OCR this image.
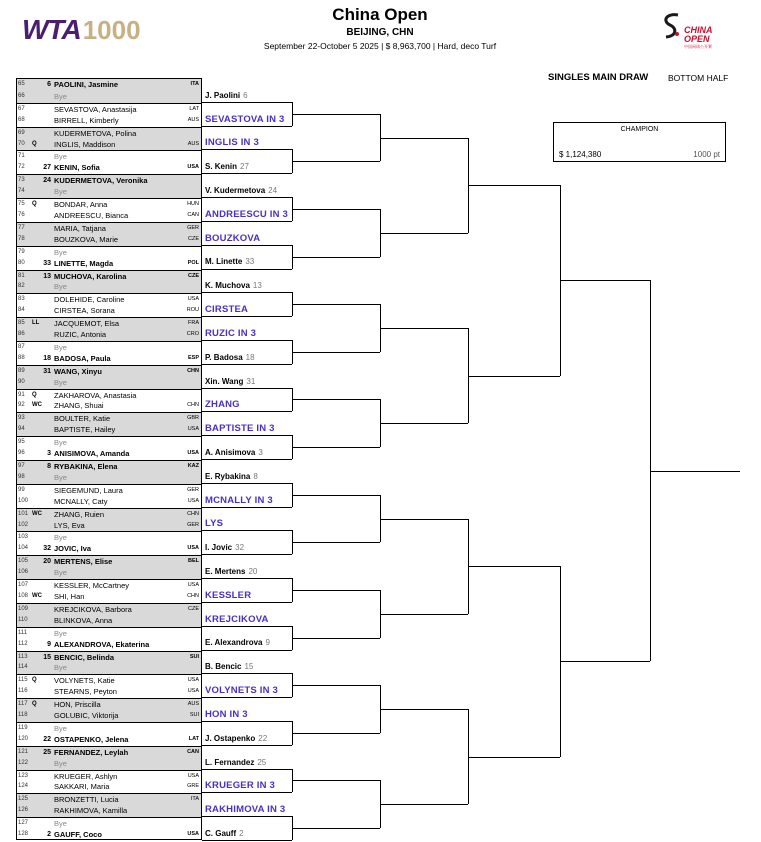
WTA1000
China Open
BEIJING, CHN
September 22-October 5 2025 | $ 8,963,700 | Hard, deco Turf
CHINA
OPEN
中国网球公开赛
SINGLES MAIN DRAW BOTTOM HALF
CHAMPION
$ 1,124,380	1000 pt
65	6 PAOLINI, Jasmine	ITA
66	Bye
67	SEVASTOVA, Anastasija	LAT
68	BIRRELL, Kimberly	AUS
69	KUDERMETOVA, Polina
70	Q	INGLIS, Maddison	AUS
71	Bye
72	27 KENIN, Sofia	USA
73	24 KUDERMETOVA, Veronika
74	Bye
75	Q	BONDAR, Anna	HUN
76	ANDREESCU, Bianca	CAN
77	MARIA, Tatjana	GER
78	BOUZKOVA, Marie	CZE
79	Bye
80	33 LINETTE, Magda	POL
81	13 MUCHOVA, Karolina	CZE
82	Bye
83	DOLEHIDE, Caroline	USA
84	CIRSTEA, Sorana	ROU
85	LL	JACQUEMOT, Elsa	FRA
86	RUZIC, Antonia	CRO
87	Bye
88	18 BADOSA, Paula	ESP
89	31 WANG, Xinyu	CHN
90	Bye
91	Q	ZAKHAROVA, Anastasia
92	WC ZHANG, Shuai	CHN
93	BOULTER, Katie	GBR
94	BAPTISTE, Hailey	USA
95	Bye
96	3 ANISIMOVA, Amanda	USA
97	8 RYBAKINA, Elena	KAZ
98	Bye
99	SIEGEMUND, Laura	GER
100	MCNALLY, Caty	USA
101 WC ZHANG, Ruien	CHN
102	LYS, Eva	GER
103	Bye
104	32 JOVIC, Iva	USA
105	20 MERTENS, Elise	BEL
106	Bye
107	KESSLER, McCartney	USA
108 WC SHI, Han	CHN
109	KREJCIKOVA, Barbora	CZE
110	BLINKOVA, Anna
111	Bye
112	9 ALEXANDROVA, Ekaterina
113	15 BENCIC, Belinda	SUI
114	Bye
115 Q	VOLYNETS, Katie	USA
116	STEARNS, Peyton	USA
117 Q	HON, Priscilla	AUS
118	GOLUBIC, Viktorija	SUI
119	Bye
120	22 OSTAPENKO, Jelena	LAT
121	25 FERNANDEZ, Leylah	CAN
122	Bye
123	KRUEGER, Ashlyn	USA
124	SAKKARI, Maria	GRE
125	BRONZETTI, Lucia	ITA
126	RAKHIMOVA, Kamilla
127	Bye
128	2 GAUFF, Coco	USA
J. Paolini 6
SEVASTOVA IN 3
INGLIS IN 3
S. Kenin 27
V. Kudermetova 24
ANDREESCU IN 3
BOUZKOVA
M. Linette 33
K. Muchova 13
CIRSTEA
RUZIC IN 3
P. Badosa 18
Xin. Wang 31
ZHANG
BAPTISTE IN 3
A. Anisimova 3
E. Rybakina 8
MCNALLY IN 3
LYS
I. Jovic 32
E. Mertens 20
KESSLER
KREJCIKOVA
E. Alexandrova 9
B. Bencic 15
VOLYNETS IN 3
HON IN 3
J. Ostapenko 22
L. Fernandez 25
KRUEGER IN 3
RAKHIMOVA IN 3
C. Gauff 2
